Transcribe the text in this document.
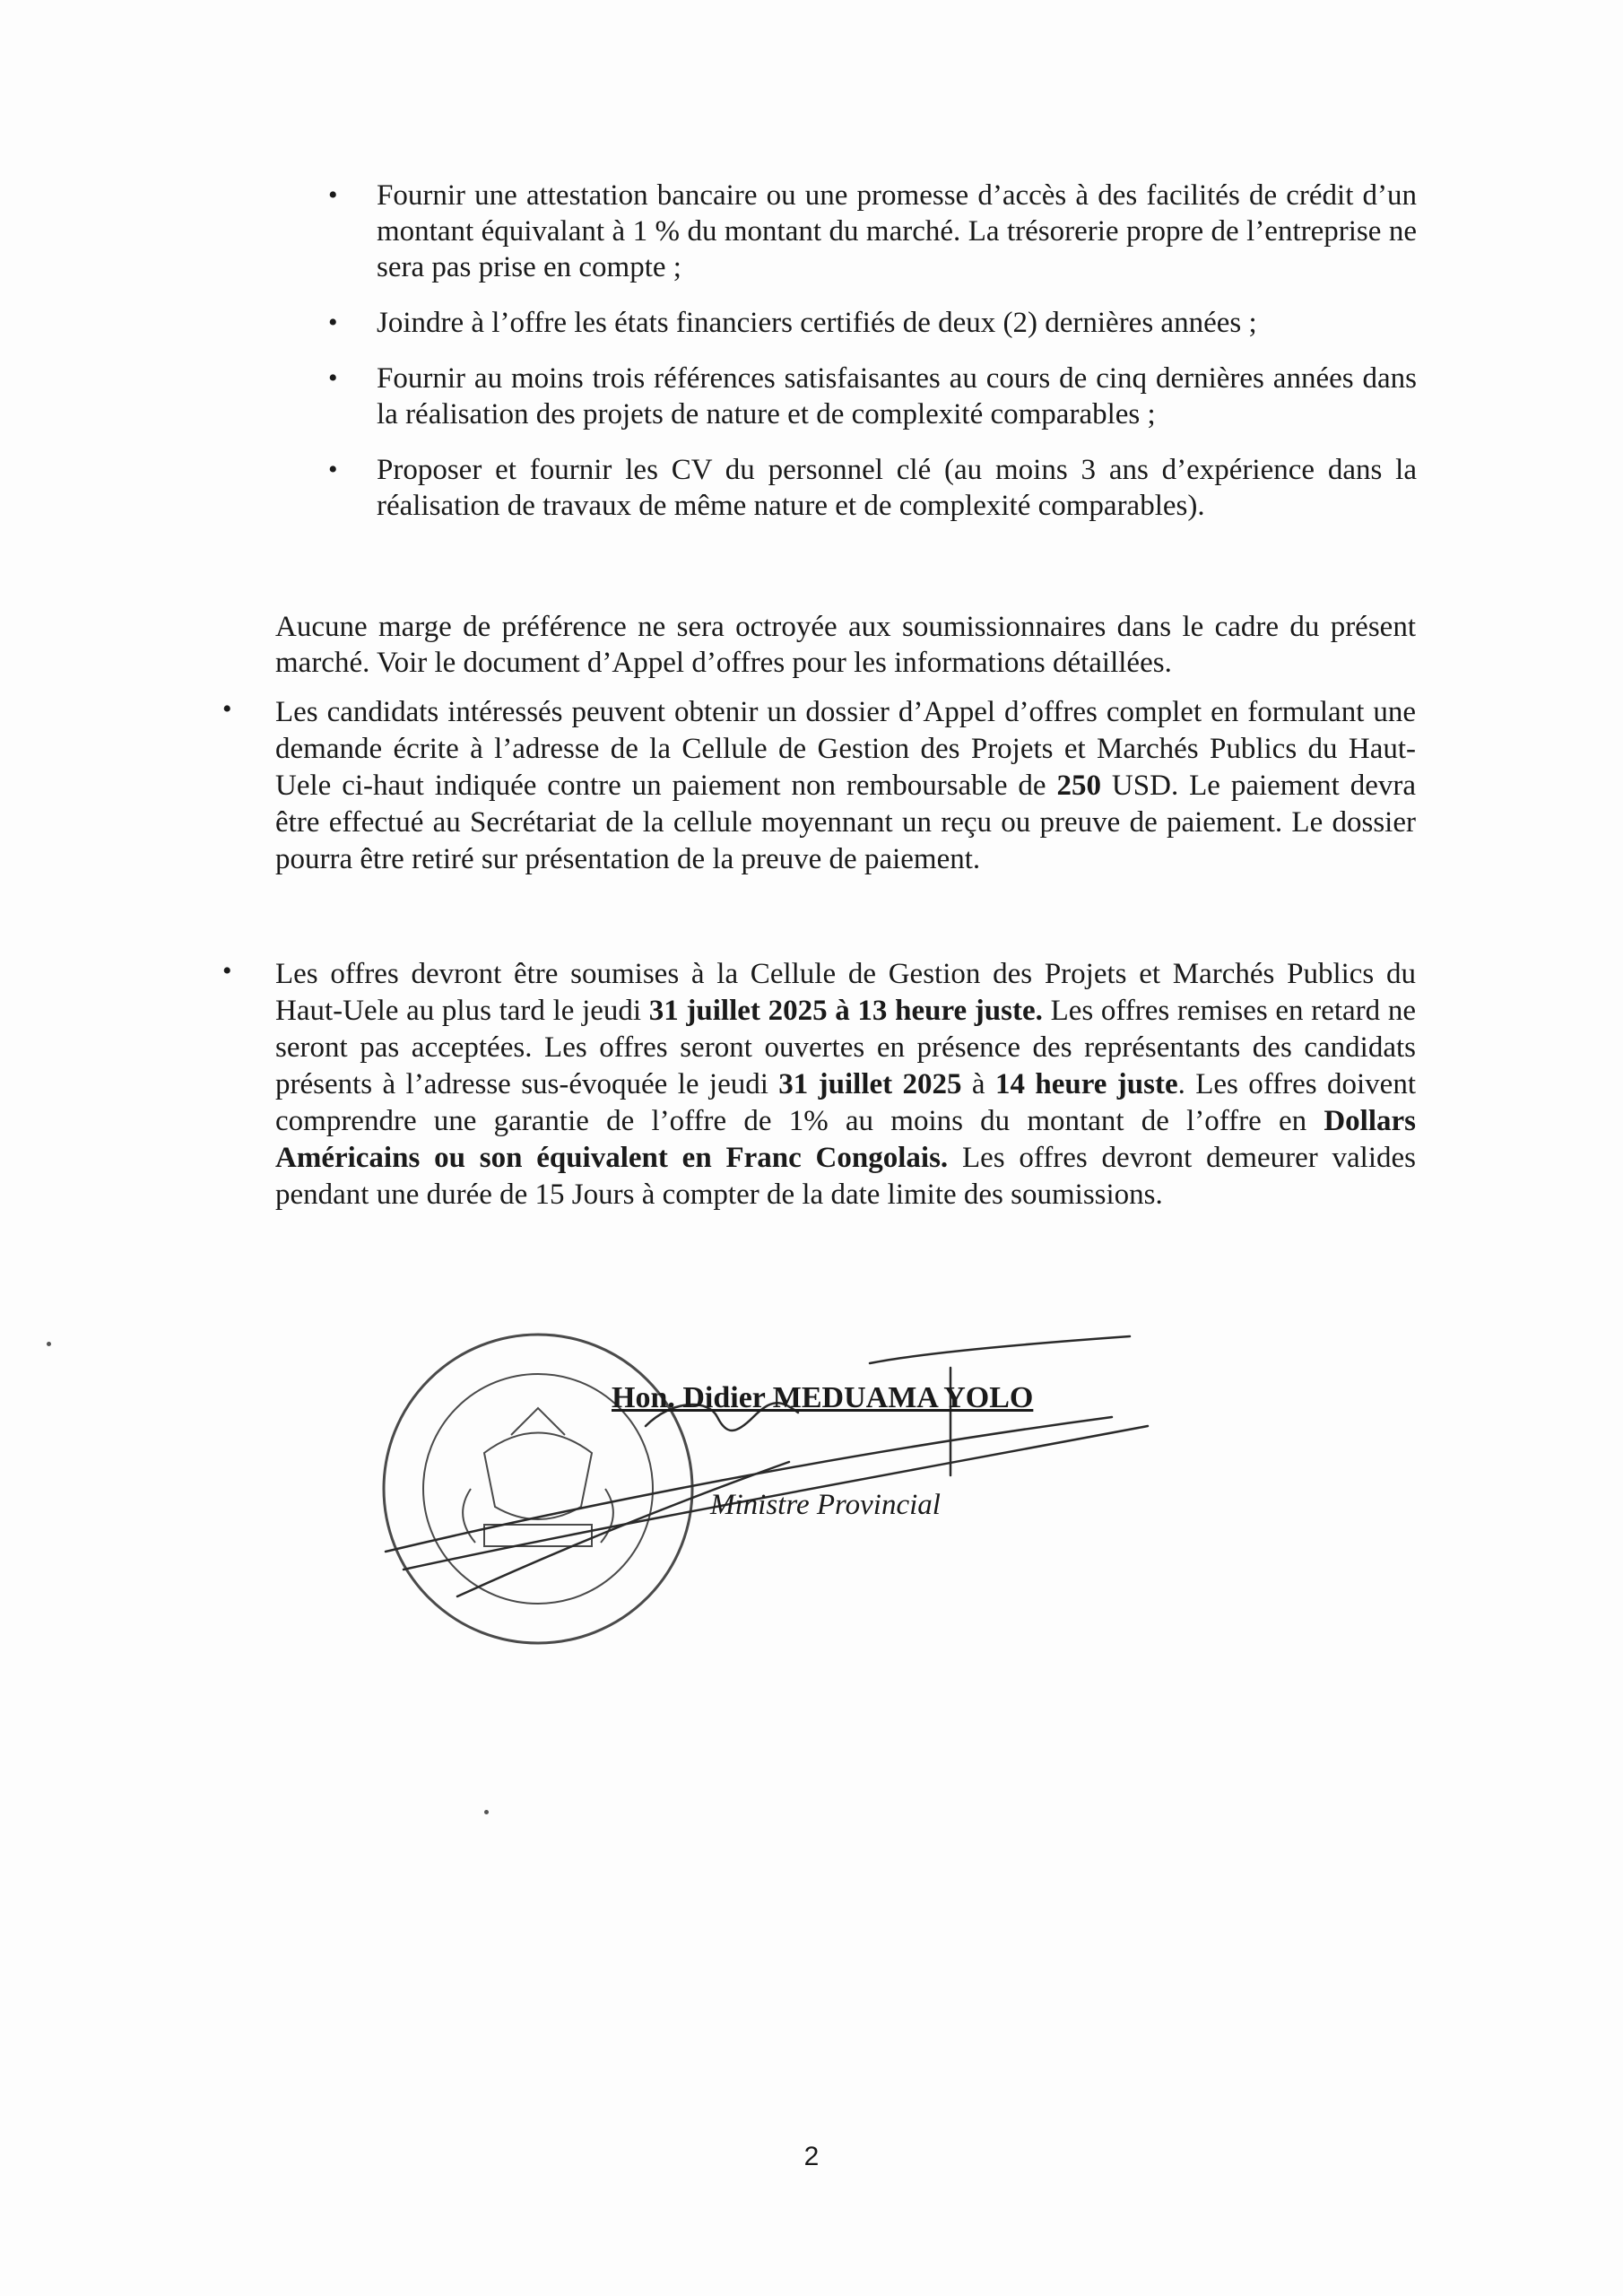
• Fournir une attestation bancaire ou une promesse d’accès à des facilités de crédit d’un montant équivalant à 1 % du montant du marché. La trésorerie propre de l’entreprise ne sera pas prise en compte ;
• Joindre à l’offre les états financiers certifiés de deux (2) dernières années ;
• Fournir au moins trois références satisfaisantes au cours de cinq dernières années dans la réalisation des projets de nature et de complexité comparables ;
• Proposer et fournir les CV du personnel clé (au moins 3 ans d’expérience dans la réalisation de travaux de même nature et de complexité comparables).

Aucune marge de préférence ne sera octroyée aux soumissionnaires dans le cadre du présent marché. Voir le document d’Appel d’offres pour les informations détaillées.

• Les candidats intéressés peuvent obtenir un dossier d’Appel d’offres complet en formulant une demande écrite à l’adresse de la Cellule de Gestion des Projets et Marchés Publics du Haut-Uele ci-haut indiquée contre un paiement non remboursable de 250 USD. Le paiement devra être effectué au Secrétariat de la cellule moyennant un reçu ou preuve de paiement. Le dossier pourra être retiré sur présentation de la preuve de paiement.
• Les offres devront être soumises à la Cellule de Gestion des Projets et Marchés Publics du Haut-Uele au plus tard le jeudi 31 juillet 2025 à 13 heure juste. Les offres remises en retard ne seront pas acceptées. Les offres seront ouvertes en présence des représentants des candidats présents à l’adresse sus-évoquée le jeudi 31 juillet 2025 à 14 heure juste. Les offres doivent comprendre une garantie de l’offre de 1% au moins du montant de l’offre en Dollars Américains ou son équivalent en Franc Congolais. Les offres devront demeurer valides pendant une durée de 15 Jours à compter de la date limite des soumissions.
Hon. Didier MEDUAMA YOLO
Ministre Provincial
2
